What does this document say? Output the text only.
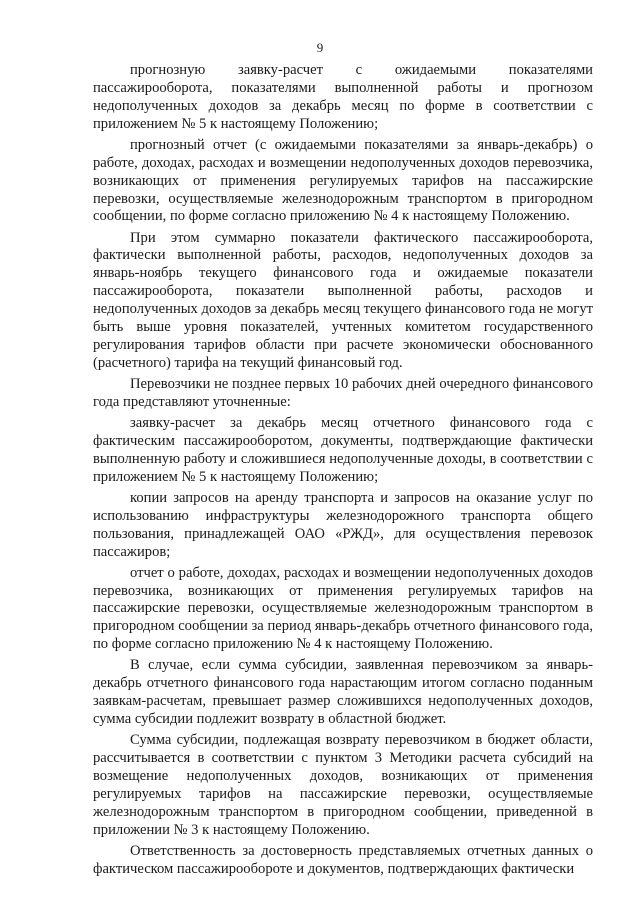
9

прогнозную заявку-расчет с ожидаемыми показателями пассажирооборота, показателями выполненной работы и прогнозом недополученных доходов за декабрь месяц по форме в соответствии с приложением № 5 к настоящему Положению;

прогнозный отчет (с ожидаемыми показателями за январь-декабрь) о работе, доходах, расходах и возмещении недополученных доходов перевозчика, возникающих от применения регулируемых тарифов на пассажирские перевозки, осуществляемые железнодорожным транспортом в пригородном сообщении, по форме согласно приложению № 4 к настоящему Положению.

При этом суммарно показатели фактического пассажирооборота, фактически выполненной работы, расходов, недополученных доходов за январь-ноябрь текущего финансового года и ожидаемые показатели пассажирооборота, показатели выполненной работы, расходов и недополученных доходов за декабрь месяц текущего финансового года не могут быть выше уровня показателей, учтенных комитетом государственного регулирования тарифов области при расчете экономически обоснованного (расчетного) тарифа на текущий финансовый год.

Перевозчики не позднее первых 10 рабочих дней очередного финансового года представляют уточненные:

заявку-расчет за декабрь месяц отчетного финансового года с фактическим пассажирооборотом, документы, подтверждающие фактически выполненную работу и сложившиеся недополученные доходы, в соответствии с приложением № 5 к настоящему Положению;

копии запросов на аренду транспорта и запросов на оказание услуг по использованию инфраструктуры железнодорожного транспорта общего пользования, принадлежащей ОАО «РЖД», для осуществления перевозок пассажиров;

отчет о работе, доходах, расходах и возмещении недополученных доходов перевозчика, возникающих от применения регулируемых тарифов на пассажирские перевозки, осуществляемые железнодорожным транспортом в пригородном сообщении за период январь-декабрь отчетного финансового года, по форме согласно приложению № 4 к настоящему Положению.

В случае, если сумма субсидии, заявленная перевозчиком за январь-декабрь отчетного финансового года нарастающим итогом согласно поданным заявкам-расчетам, превышает размер сложившихся недополученных доходов, сумма субсидии подлежит возврату в областной бюджет.

Сумма субсидии, подлежащая возврату перевозчиком в бюджет области, рассчитывается в соответствии с пунктом 3 Методики расчета субсидий на возмещение недополученных доходов, возникающих от применения регулируемых тарифов на пассажирские перевозки, осуществляемые железнодорожным транспортом в пригородном сообщении, приведенной в приложении № 3 к настоящему Положению.

Ответственность за достоверность представляемых отчетных данных о фактическом пассажирообороте и документов, подтверждающих фактически
